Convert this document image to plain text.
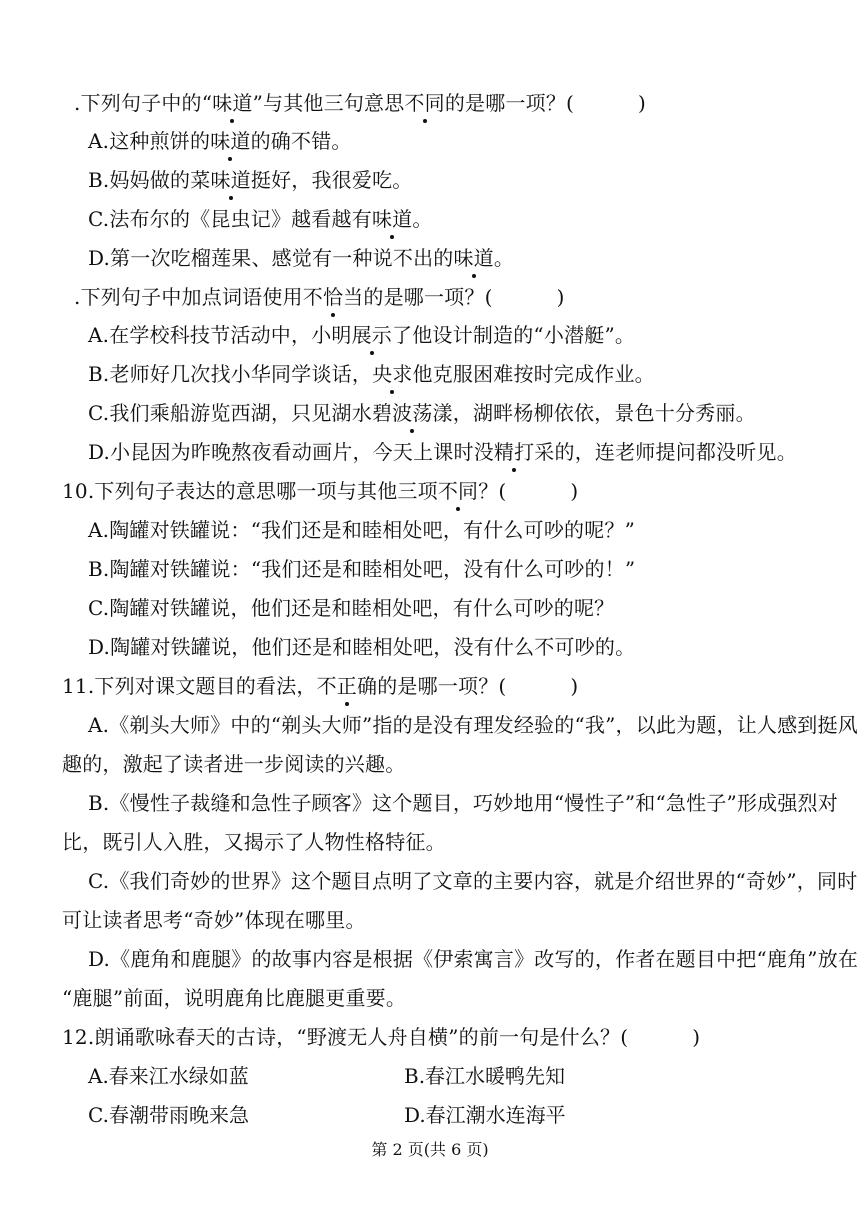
.下列句子中的“味道”与其他三句意思不同的是哪一项？(	)
A.这种煎饼的味道的确不错。
B.妈妈做的菜味道挺好，我很爱吃。
C.法布尔的《昆虫记》越看越有味道。
D.第一次吃榴莲果、感觉有一种说不出的味道。
.下列句子中加点词语使用不恰当的是哪一项？(	)
A.在学校科技节活动中，小明展示了他设计制造的“小潜艇”。
B.老师好几次找小华同学谈话，央求他克服困难按时完成作业。
C.我们乘船游览西湖，只见湖水碧波荡漾，湖畔杨柳依依，景色十分秀丽。
D.小昆因为昨晚熬夜看动画片，今天上课时没精打采的，连老师提问都没听见。
10.下列句子表达的意思哪一项与其他三项不同？(	)
A.陶罐对铁罐说：“我们还是和睦相处吧，有什么可吵的呢？”
B.陶罐对铁罐说：“我们还是和睦相处吧，没有什么可吵的！”
C.陶罐对铁罐说，他们还是和睦相处吧，有什么可吵的呢？
D.陶罐对铁罐说，他们还是和睦相处吧，没有什么不可吵的。
11.下列对课文题目的看法，不正确的是哪一项？(	)
A.《剃头大师》中的“剃头大师”指的是没有理发经验的“我”，以此为题，让人感到挺风
趣的，激起了读者进一步阅读的兴趣。
B.《慢性子裁缝和急性子顾客》这个题目，巧妙地用“慢性子”和“急性子”形成强烈对
比，既引人入胜，又揭示了人物性格特征。
C.《我们奇妙的世界》这个题目点明了文章的主要内容，就是介绍世界的“奇妙”，同时
可让读者思考“奇妙”体现在哪里。
D.《鹿角和鹿腿》的故事内容是根据《伊索寓言》改写的，作者在题目中把“鹿角”放在
“鹿腿”前面，说明鹿角比鹿腿更重要。
12.朗诵歌咏春天的古诗，“野渡无人舟自横”的前一句是什么？(	)
A.春来江水绿如蓝	B.春江水暖鸭先知
C.春潮带雨晚来急	D.春江潮水连海平
第 2 页(共 6 页)
